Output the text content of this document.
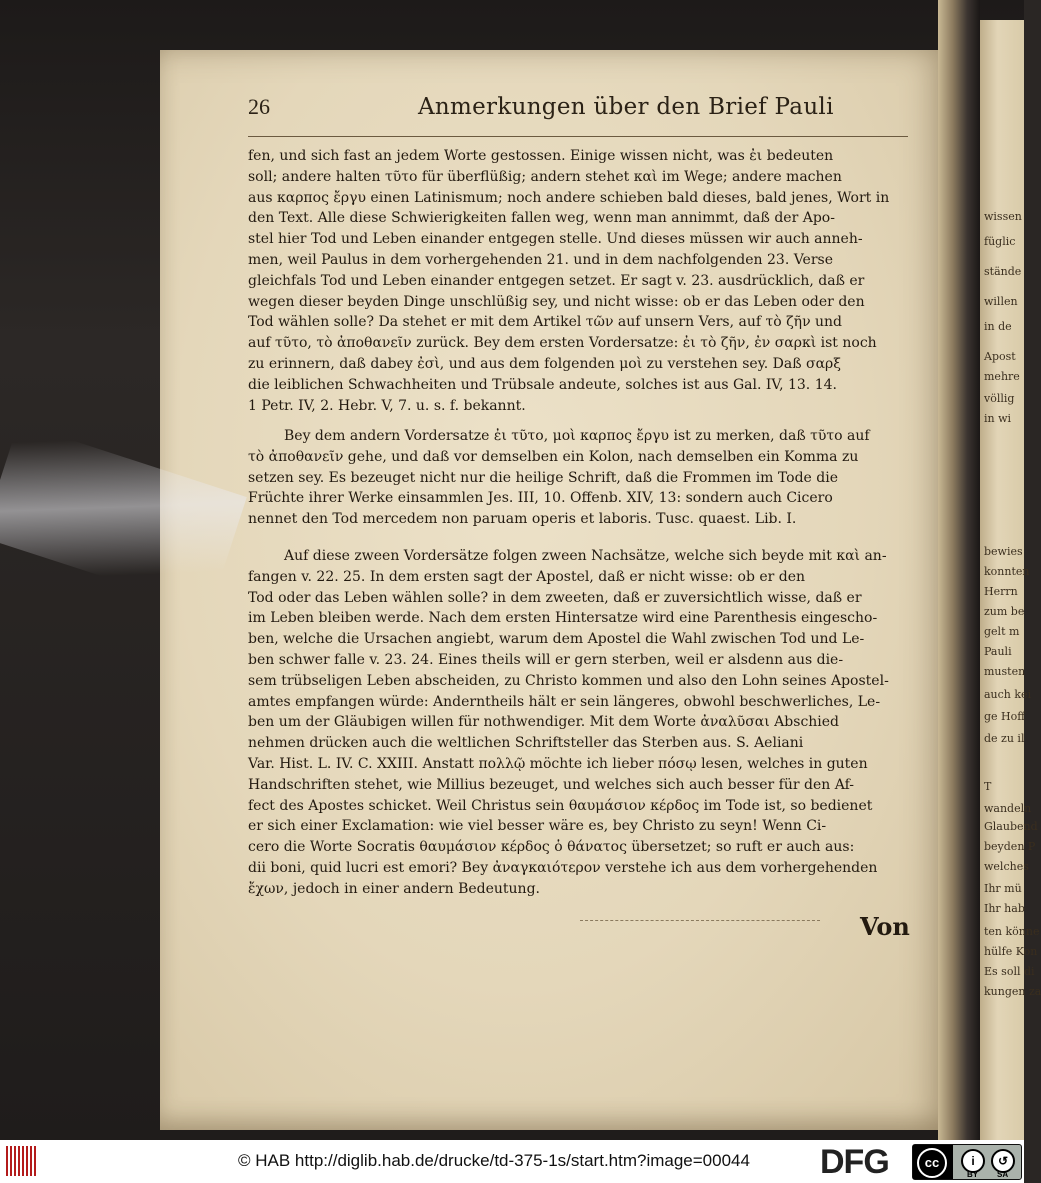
26	Anmerkungen über den Brief Pauli
fen, und sich fast an jedem Worte gestossen. Einige wissen nicht, was ἐι bedeuten
soll; andere halten τῦτο für überflüßig; andern stehet καὶ im Wege; andere machen
aus καρπος ἔργυ einen Latinismum; noch andere schieben bald dieses, bald jenes, Wort in
den Text. Alle diese Schwierigkeiten fallen weg, wenn man annimmt, daß der Apo-
stel hier Tod und Leben einander entgegen stelle. Und dieses müssen wir auch anneh-
men, weil Paulus in dem vorhergehenden 21. und in dem nachfolgenden 23. Verse
gleichfals Tod und Leben einander entgegen setzet. Er sagt v. 23. ausdrücklich, daß er
wegen dieser beyden Dinge unschlüßig sey, und nicht wisse: ob er das Leben oder den
Tod wählen solle? Da stehet er mit dem Artikel τῶν auf unsern Vers, auf τὸ ζῆν und
auf τῦτο, τὸ ἀποθανεῖν zurück. Bey dem ersten Vordersatze: ἐι τὸ ζῆν, ἐν σαρκὶ ist noch
zu erinnern, daß dabey ἐσὶ, und aus dem folgenden μοὶ zu verstehen sey. Daß σαρξ
die leiblichen Schwachheiten und Trübsale andeute, solches ist aus Gal. IV, 13. 14.
1 Petr. IV, 2. Hebr. V, 7. u. s. f. bekannt.
Bey dem andern Vordersatze ἐι τῦτο, μοὶ καρπος ἔργυ ist zu merken, daß τῦτο auf
τὸ ἀποθανεῖν gehe, und daß vor demselben ein Kolon, nach demselben ein Komma zu
setzen sey. Es bezeuget nicht nur die heilige Schrift, daß die Frommen im Tode die
Früchte ihrer Werke einsammlen Jes. III, 10. Offenb. XIV, 13: sondern auch Cicero
nennet den Tod mercedem non paruam operis et laboris. Tusc. quaest. Lib. I.
Auf diese zween Vordersätze folgen zween Nachsätze, welche sich beyde mit καὶ an-
fangen v. 22. 25. In dem ersten sagt der Apostel, daß er nicht wisse: ob er den
Tod oder das Leben wählen solle? in dem zweeten, daß er zuversichtlich wisse, daß er
im Leben bleiben werde. Nach dem ersten Hintersatze wird eine Parenthesis eingescho-
ben, welche die Ursachen angiebt, warum dem Apostel die Wahl zwischen Tod und Le-
ben schwer falle v. 23. 24. Eines theils will er gern sterben, weil er alsdenn aus die-
sem trübseligen Leben abscheiden, zu Christo kommen und also den Lohn seines Apostel-
amtes empfangen würde: Anderntheils hält er sein längeres, obwohl beschwerliches, Le-
ben um der Gläubigen willen für nothwendiger. Mit dem Worte ἀναλῦσαι Abschied
nehmen drücken auch die weltlichen Schriftsteller das Sterben aus. S. Aeliani
Var. Hist. L. IV. C. XXIII. Anstatt πολλῷ möchte ich lieber πόσῳ lesen, welches in guten
Handschriften stehet, wie Millius bezeuget, und welches sich auch besser für den Af-
fect des Apostes schicket. Weil Christus sein θαυμάσιον κέρδος im Tode ist, so bedienet
er sich einer Exclamation: wie viel besser wäre es, bey Christo zu seyn! Wenn Ci-
cero die Worte Socratis θαυμάσιον κέρδος ὁ θάνατος übersetzet; so ruft er auch aus:
dii boni, quid lucri est emori? Bey ἀναγκαιότερον verstehe ich aus dem vorhergehenden
ἔχων, jedoch in einer andern Bedeutung.
Von
wissen
füglic
stände
willen
in de
Apost
mehre
völlig
in wi
bewies
konnten
Herrn
zum be
gelt m
Pauli
musten
auch kei
ge Hoff
de zu il
T
wandeln
Glaubend
beyden P
welches
Ihr mü
Ihr hab
ten könne
hülfe Kon
Es soll di
kungen za
© HAB http://diglib.hab.de/drucke/td-375-1s/start.htm?image=00044 DFG	cc	i	↺
BY SA
